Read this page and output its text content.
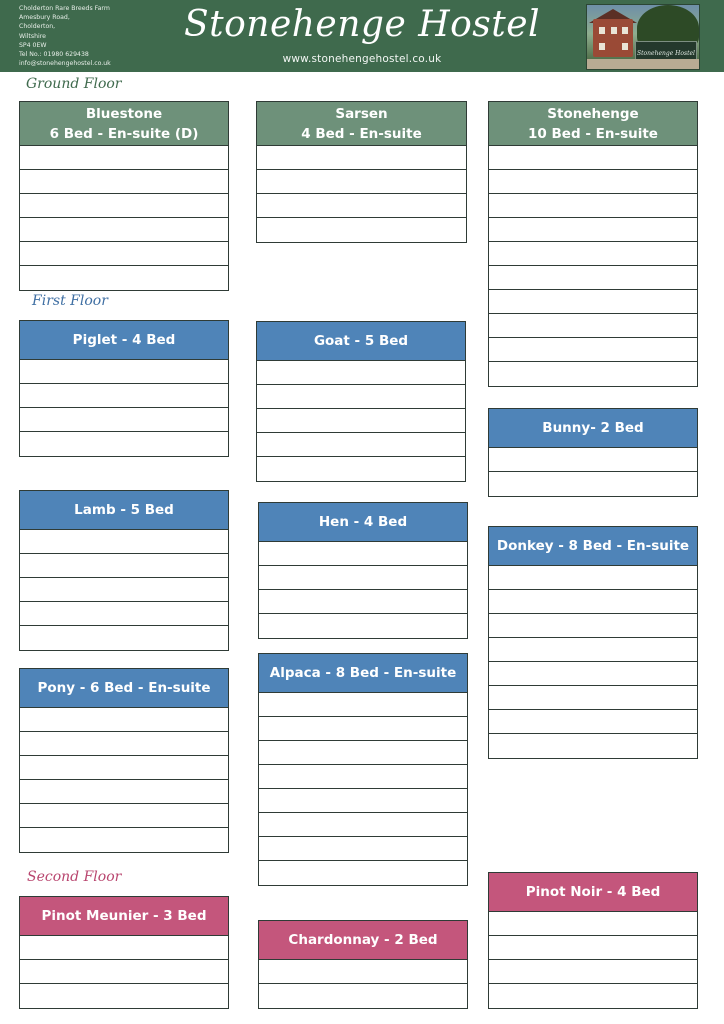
Cholderton Rare Breeds Farm
Amesbury Road,
Cholderton,
Wiltshire
SP4 0EW
Tel No.: 01980 629438
info@stonehengehostel.co.uk
Stonehenge Hostel
www.stonehengehostel.co.uk	Stonehenge Hostel
Ground Floor
First Floor
Second Floor
Bluestone
6 Bed - En-suite (D)
Sarsen
4 Bed - En-suite
Stonehenge
10 Bed - En-suite
Piglet - 4 Bed	Goat - 5 Bed
Bunny- 2 Bed
Lamb - 5 Bed
Hen - 4 Bed
Donkey - 8 Bed - En-suite
Pony - 6 Bed - En-suite
Alpaca - 8 Bed - En-suite
Pinot Meunier - 3 Bed
Chardonnay - 2 Bed
Pinot Noir - 4 Bed
